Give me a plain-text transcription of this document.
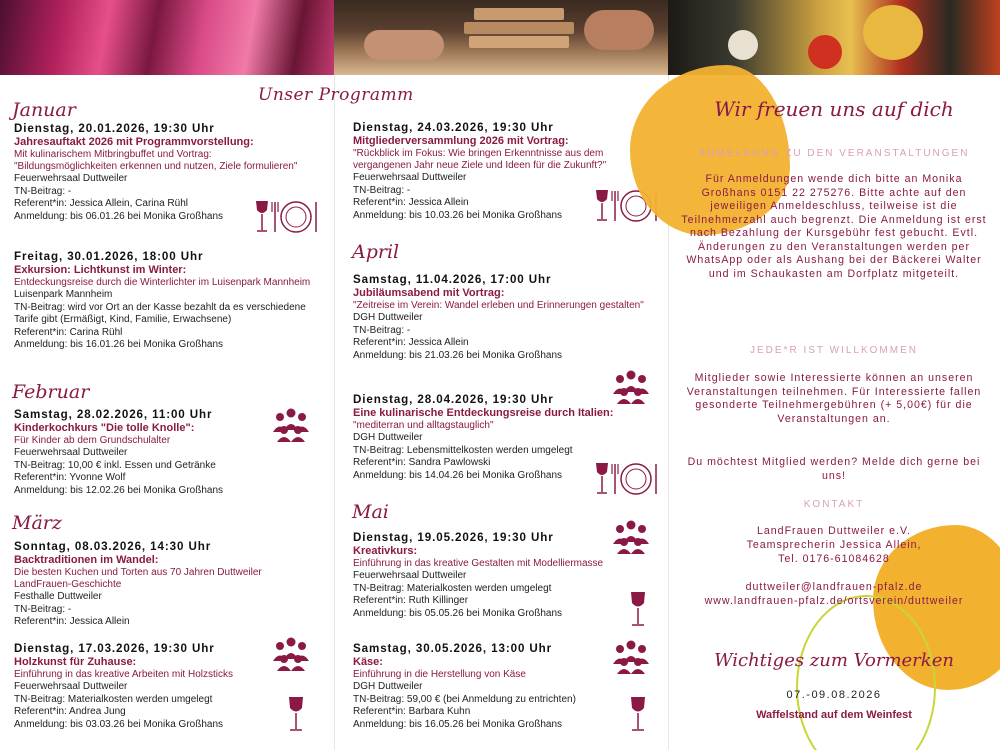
Januar
Dienstag, 20.01.2026, 19:30 Uhr
Jahresauftakt 2026 mit Programmvorstellung:
Mit kulinarischem Mitbringbuffet und Vortrag: "Bildungsmöglichkeiten erkennen und nutzen, Ziele formulieren"
Feuerwehrsaal Duttweiler
TN-Beitrag: -
Referent*in: Jessica Allein, Carina Rühl
Anmeldung: bis 06.01.26 bei Monika Großhans
Freitag, 30.01.2026, 18:00 Uhr
Exkursion: Lichtkunst im Winter:
Entdeckungsreise durch die Winterlichter im Luisenpark Mannheim
Luisenpark Mannheim
TN-Beitrag: wird vor Ort an der Kasse bezahlt da es verschiedene Tarife gibt (Ermäßigt, Kind, Familie, Erwachsene)
Referent*in: Carina Rühl
Anmeldung: bis 16.01.26 bei Monika Großhans
Februar
Samstag, 28.02.2026, 11:00 Uhr
Kinderkochkurs "Die tolle Knolle":
Für Kinder ab dem Grundschulalter
Feuerwehrsaal Duttweiler
TN-Beitrag: 10,00 € inkl. Essen und Getränke
Referent*in: Yvonne Wolf
Anmeldung: bis 12.02.26 bei Monika Großhans
März
Sonntag, 08.03.2026, 14:30 Uhr
Backtraditionen im Wandel:
Die besten Kuchen und Torten aus 70 Jahren Duttweiler LandFrauen-Geschichte
Festhalle Duttweiler
TN-Beitrag: -
Referent*in: Jessica Allein
Dienstag, 17.03.2026, 19:30 Uhr
Holzkunst für Zuhause:
Einführung in das kreative Arbeiten mit Holzsticks
Feuerwehrsaal Duttweiler
TN-Beitrag: Materialkosten werden umgelegt
Referent*in: Andrea Jung
Anmeldung: bis 03.03.26 bei Monika Großhans
Unser Programm
Dienstag, 24.03.2026, 19:30 Uhr
Mitgliederversammlung 2026 mit Vortrag:
"Rückblick im Fokus: Wie bringen Erkenntnisse aus dem vergangenen Jahr neue Ziele und Ideen für die Zukunft?"
Feuerwehrsaal Duttweiler
TN-Beitrag: -
Referent*in: Jessica Allein
Anmeldung: bis 10.03.26 bei Monika Großhans
April
Samstag, 11.04.2026, 17:00 Uhr
Jubiläumsabend mit Vortrag:
"Zeitreise im Verein: Wandel erleben und Erinnerungen gestalten"
DGH Duttweiler
TN-Beitrag: -
Referent*in: Jessica Allein
Anmeldung: bis 21.03.26 bei Monika Großhans
Dienstag, 28.04.2026, 19:30 Uhr
Eine kulinarische Entdeckungsreise durch Italien:
"mediterran und alltagstauglich"
DGH Duttweiler
TN-Beitrag: Lebensmittelkosten werden umgelegt
Referent*in: Sandra Pawlowski
Anmeldung: bis 14.04.26 bei Monika Großhans
Mai
Dienstag, 19.05.2026, 19:30 Uhr
Kreativkurs:
Einführung in das kreative Gestalten mit Modelliermasse
Feuerwehrsaal Duttweiler
TN-Beitrag: Materialkosten werden umgelegt
Referent*in: Ruth Killinger
Anmeldung: bis 05.05.26 bei Monika Großhans
Samstag, 30.05.2026, 13:00 Uhr
Käse:
Einführung in die Herstellung von Käse
DGH Duttweiler
TN-Beitrag: 59,00 € (bei Anmeldung zu entrichten)
Referent*in: Barbara Kuhn
Anmeldung: bis 16.05.26 bei Monika Großhans
Wir freuen uns auf dich
ANMELDUNG ZU DEN VERANSTALTUNGEN
Für Anmeldungen wende dich bitte an Monika Großhans 0151 22 275276. Bitte achte auf den jeweiligen Anmeldeschluss, teilweise ist die Teilnehmerzahl auch begrenzt. Die Anmeldung ist erst nach Bezahlung der Kursgebühr fest gebucht. Evtl. Änderungen zu den Veranstaltungen werden per WhatsApp oder als Aushang bei der Bäckerei Walter und im Schaukasten am Dorfplatz mitgeteilt.
JEDE*R IST WILLKOMMEN
Mitglieder sowie Interessierte können an unseren Veranstaltungen teilnehmen. Für Interessierte fallen gesonderte Teilnehmergebühren (+ 5,00€) für die Veranstaltungen an.
Du möchtest Mitglied werden? Melde dich gerne bei uns!
KONTAKT
LandFrauen Duttweiler e.V.
Teamsprecherin Jessica Allein,
Tel. 0176-61084628
duttweiler@landfrauen-pfalz.de
www.landfrauen-pfalz.de/ortsverein/duttweiler
Wichtiges zum Vormerken
07.-09.08.2026
Waffelstand auf dem Weinfest
